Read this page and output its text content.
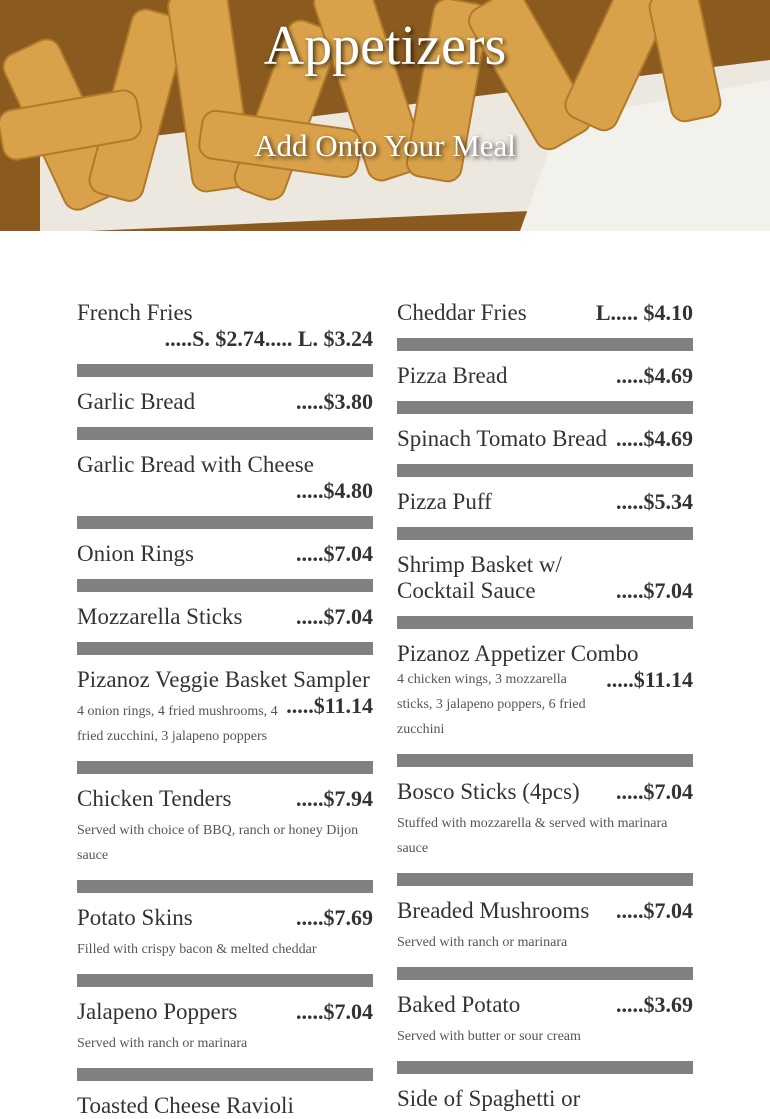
Appetizers
Add Onto Your Meal
French Fries
.....S. $2.74..... L. $3.24
Garlic Bread	.....$3.80
Garlic Bread with Cheese
.....$4.80
Onion Rings	.....$7.04
Mozzarella Sticks .....$7.04
Pizanoz Veggie Basket Sampler
4 onion rings, 4 fried mushrooms, 4 fried zucchini, 3 jalapeno poppers
.....$11.14
Chicken Tenders	.....$7.94
Served with choice of BBQ, ranch or honey Dijon sauce
Potato Skins	.....$7.69
Filled with crispy bacon & melted cheddar
Jalapeno Poppers	.....$7.04
Served with ranch or marinara
Toasted Cheese Ravioli
Cheddar Fries	L..... $4.10
Pizza Bread	.....$4.69
Spinach Tomato Bread .....$4.69
Pizza Puff	.....$5.34
Shrimp Basket w/ Cocktail Sauce	.....$7.04
Pizanoz Appetizer Combo
4 chicken wings, 3 mozzarella sticks, 3 jalapeno poppers, 6 fried zucchini
.....$11.14
Bosco Sticks (4pcs) .....$7.04
Stuffed with mozzarella & served with marinara sauce
Breaded Mushrooms .....$7.04
Served with ranch or marinara
Baked Potato	.....$3.69
Served with butter or sour cream
Side of Spaghetti or
